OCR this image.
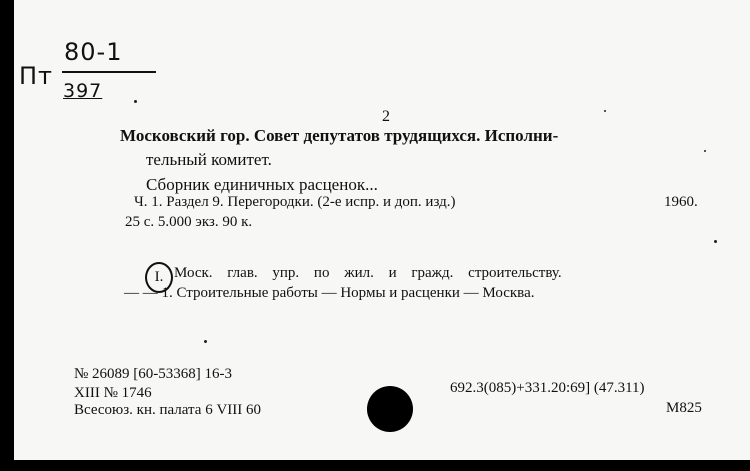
80-1
Пт
397
2
Московский гор. Совет депутатов трудящихся. Исполни-
тельный комитет.
Сборник единичных расценок...
Ч. 1. Раздел 9. Перегородки. (2-е испр. и доп. изд.)	1960.
25 с. 5.000 экз. 90 к.
I. Моск. глав. упр. по жил. и гражд. строительству.
— — 1. Строительные работы — Нормы и расценки — Москва.
№ 26089 [60-53368] 16-3
XIII № 1746
Всесоюз. кн. палата 6 VIII 60
692.3(085)+331.20:69] (47.311)
М825
